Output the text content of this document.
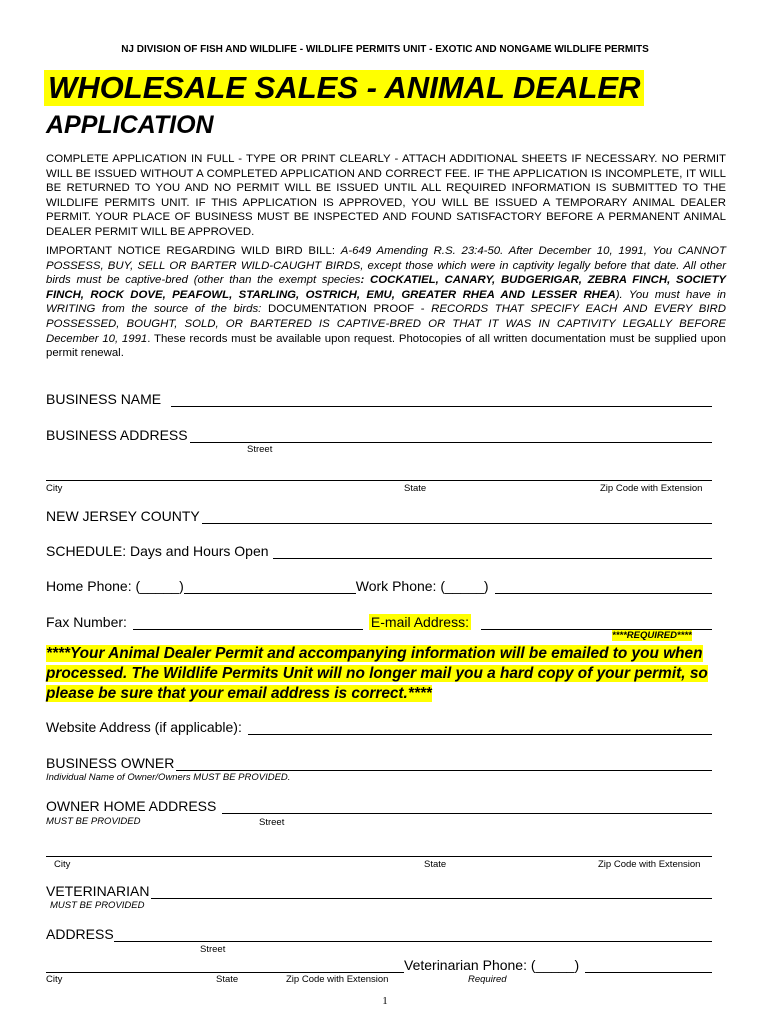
NJ DIVISION OF FISH AND WILDLIFE - WILDLIFE PERMITS UNIT - EXOTIC AND NONGAME WILDLIFE PERMITS
WHOLESALE SALES - ANIMAL DEALER
APPLICATION
COMPLETE APPLICATION IN FULL - TYPE OR PRINT CLEARLY - ATTACH ADDITIONAL SHEETS IF NECESSARY. NO PERMIT WILL BE ISSUED WITHOUT A COMPLETED APPLICATION AND CORRECT FEE. IF THE APPLICATION IS INCOMPLETE, IT WILL BE RETURNED TO YOU AND NO PERMIT WILL BE ISSUED UNTIL ALL REQUIRED INFORMATION IS SUBMITTED TO THE WILDLIFE PERMITS UNIT. IF THIS APPLICATION IS APPROVED, YOU WILL BE ISSUED A TEMPORARY ANIMAL DEALER PERMIT. YOUR PLACE OF BUSINESS MUST BE INSPECTED AND FOUND SATISFACTORY BEFORE A PERMANENT ANIMAL DEALER PERMIT WILL BE APPROVED.
IMPORTANT NOTICE REGARDING WILD BIRD BILL: A-649 Amending R.S. 23:4-50. After December 10, 1991, You CANNOT POSSESS, BUY, SELL OR BARTER WILD-CAUGHT BIRDS, except those which were in captivity legally before that date. All other birds must be captive-bred (other than the exempt species: COCKATIEL, CANARY, BUDGERIGAR, ZEBRA FINCH, SOCIETY FINCH, ROCK DOVE, PEAFOWL, STARLING, OSTRICH, EMU, GREATER RHEA AND LESSER RHEA). You must have in WRITING from the source of the birds: DOCUMENTATION PROOF - RECORDS THAT SPECIFY EACH AND EVERY BIRD POSSESSED, BOUGHT, SOLD, OR BARTERED IS CAPTIVE-BRED OR THAT IT WAS IN CAPTIVITY LEGALLY BEFORE December 10, 1991. These records must be available upon request. Photocopies of all written documentation must be supplied upon permit renewal.
BUSINESS NAME
BUSINESS ADDRESS
Street
City	State	Zip Code with Extension
NEW JERSEY COUNTY
SCHEDULE: Days and Hours Open
Home Phone: (_____)	Work Phone: (_____)
Fax Number:	E-mail Address:
****REQUIRED****
****Your Animal Dealer Permit and accompanying information will be emailed to you when processed. The Wildlife Permits Unit will no longer mail you a hard copy of your permit, so please be sure that your email address is correct.****
Website Address (if applicable):
BUSINESS OWNER
Individual Name of Owner/Owners MUST BE PROVIDED.
OWNER HOME ADDRESS
MUST BE PROVIDED	Street
City	State	Zip Code with Extension
VETERINARIAN
MUST BE PROVIDED
ADDRESS
Street
Veterinarian Phone: (_____)
City	State	Zip Code with Extension	Required
1
